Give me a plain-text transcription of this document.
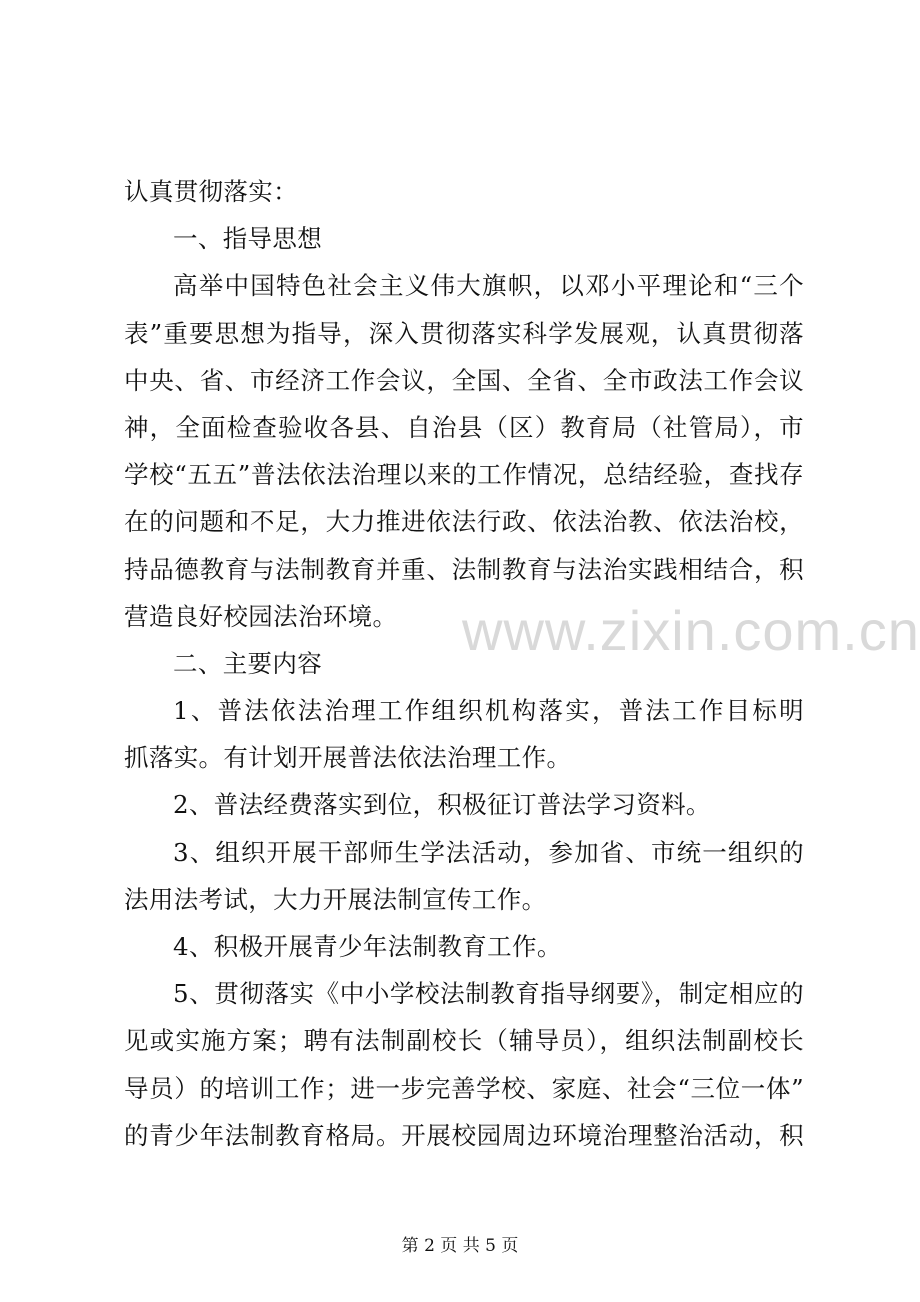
认真贯彻落实：
一、指导思想
高举中国特色社会主义伟大旗帜，以邓小平理论和“三个
表”重要思想为指导，深入贯彻落实科学发展观，认真贯彻落
中央、省、市经济工作会议，全国、全省、全市政法工作会议
神，全面检查验收各县、自治县（区）教育局（社管局），市
学校“五五”普法依法治理以来的工作情况，总结经验，查找存
在的问题和不足，大力推进依法行政、依法治教、依法治校，
持品德教育与法制教育并重、法制教育与法治实践相结合，积
营造良好校园法治环境。
二、主要内容
1、普法依法治理工作组织机构落实，普法工作目标明
抓落实。有计划开展普法依法治理工作。
2、普法经费落实到位，积极征订普法学习资料。
3、组织开展干部师生学法活动，参加省、市统一组织的
法用法考试，大力开展法制宣传工作。
4、积极开展青少年法制教育工作。
5、贯彻落实《中小学校法制教育指导纲要》，制定相应的
见或实施方案；聘有法制副校长（辅导员），组织法制副校长
导员）的培训工作；进一步完善学校、家庭、社会“三位一体”
的青少年法制教育格局。开展校园周边环境治理整治活动，积
www.zixin.com.cn
第 2 页 共 5 页
